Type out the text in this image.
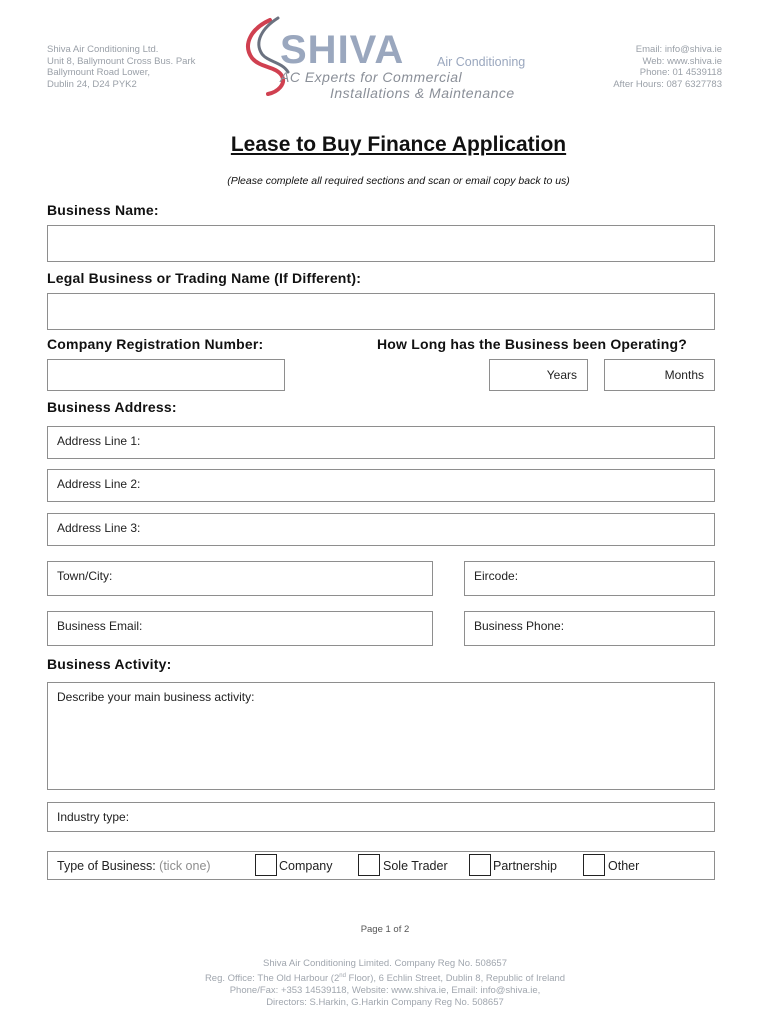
Shiva Air Conditioning Ltd.
Unit 8, Ballymount Cross Bus. Park
Ballymount Road Lower,
Dublin 24, D24 PYK2
SHIVA	Air Conditioning
AC Experts for Commercial
Installations & Maintenance
Email: info@shiva.ie
Web: www.shiva.ie
Phone: 01 4539118
After Hours: 087 6327783
Lease to Buy Finance Application
(Please complete all required sections and scan or email copy back to us)
Business Name:
Legal Business or Trading Name (If Different):
Company Registration Number:	How Long has the Business been Operating?
Years	Months
Business Address:
Address Line 1:
Address Line 2:
Address Line 3:
Town/City:	Eircode:
Business Email:	Business Phone:
Business Activity:
Describe your main business activity:
Industry type:
Type of Business: (tick one)	Company	Sole Trader	Partnership	Other
Page 1 of 2
Shiva Air Conditioning Limited. Company Reg No. 508657
Reg. Office: The Old Harbour (2nd Floor), 6 Echlin Street, Dublin 8, Republic of Ireland
Phone/Fax: +353 14539118, Website: www.shiva.ie, Email: info@shiva.ie,
Directors: S.Harkin, G.Harkin Company Reg No. 508657
